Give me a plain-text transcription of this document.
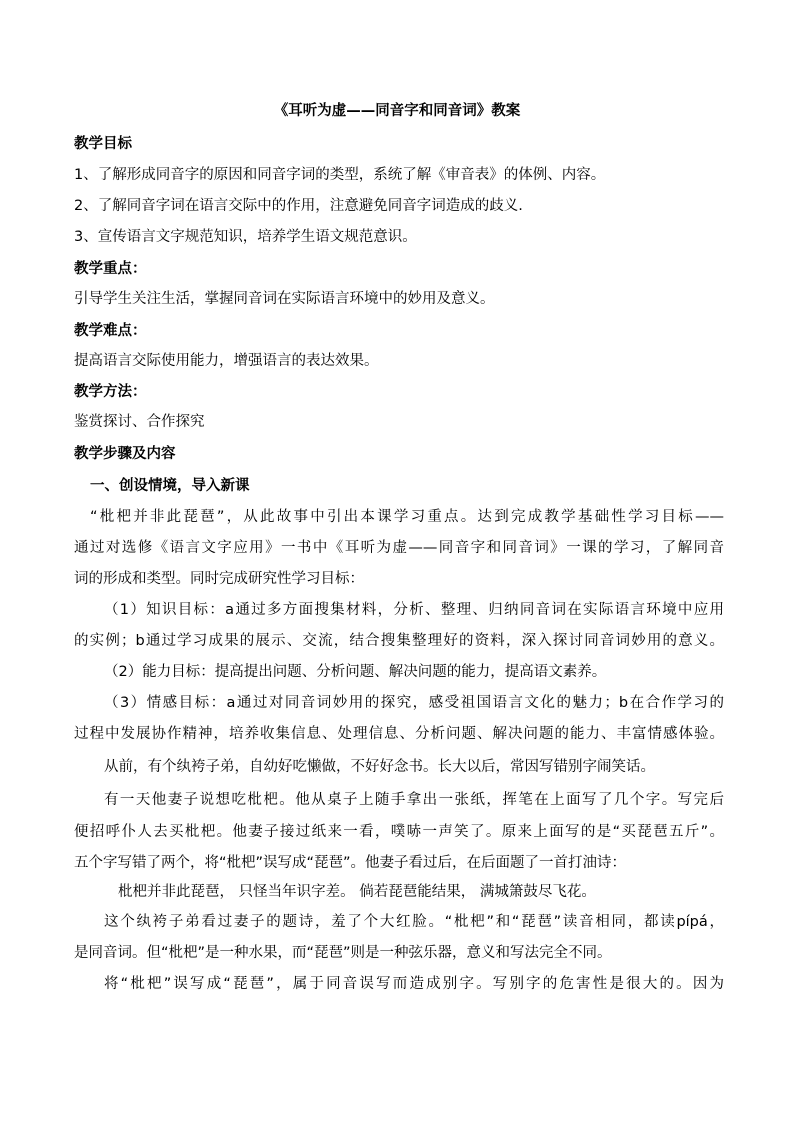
《耳听为虚——同音字和同音词》教案
教学目标
1、了解形成同音字的原因和同音字词的类型，系统了解《审音表》的体例、内容。
2、了解同音字词在语言交际中的作用，注意避免同音字词造成的歧义.
3、宣传语言文字规范知识，培养学生语文规范意识。
教学重点：
引导学生关注生活，掌握同音词在实际语言环境中的妙用及意义。
教学难点：
提高语言交际使用能力，增强语言的表达效果。
教学方法：
鉴赏探讨、合作探究
教学步骤及内容
一、创设情境，导入新课
“枇杷并非此琵琶”，从此故事中引出本课学习重点。达到完成教学基础性学习目标——
通过对选修《语言文字应用》一书中《耳听为虚——同音字和同音词》一课的学习，了解同音
词的形成和类型。同时完成研究性学习目标：
（1）知识目标：a通过多方面搜集材料，分析、整理、归纳同音词在实际语言环境中应用
的实例；b通过学习成果的展示、交流，结合搜集整理好的资料，深入探讨同音词妙用的意义。
（2）能力目标：提高提出问题、分析问题、解决问题的能力，提高语文素养。
（3）情感目标：a通过对同音词妙用的探究，感受祖国语言文化的魅力；b在合作学习的
过程中发展协作精神，培养收集信息、处理信息、分析问题、解决问题的能力、丰富情感体验。
从前，有个纨袴子弟，自幼好吃懒做，不好好念书。长大以后，常因写错别字闹笑话。
有一天他妻子说想吃枇杷。他从桌子上随手拿出一张纸，挥笔在上面写了几个字。写完后
便招呼仆人去买枇杷。他妻子接过纸来一看，噗哧一声笑了。原来上面写的是“买琵琶五斤”。
五个字写错了两个，将“枇杷”误写成“琵琶”。他妻子看过后，在后面题了一首打油诗：
枇杷并非此琵琶， 只怪当年识字差。 倘若琵琶能结果， 满城箫鼓尽飞花。
这个纨袴子弟看过妻子的题诗，羞了个大红脸。“枇杷”和“琵琶”读音相同，都读pípá，
是同音词。但“枇杷”是一种水果，而“琵琶”则是一种弦乐器，意义和写法完全不同。
将“枇杷”误写成“琵琶”，属于同音误写而造成别字。写别字的危害性是很大的。因为
